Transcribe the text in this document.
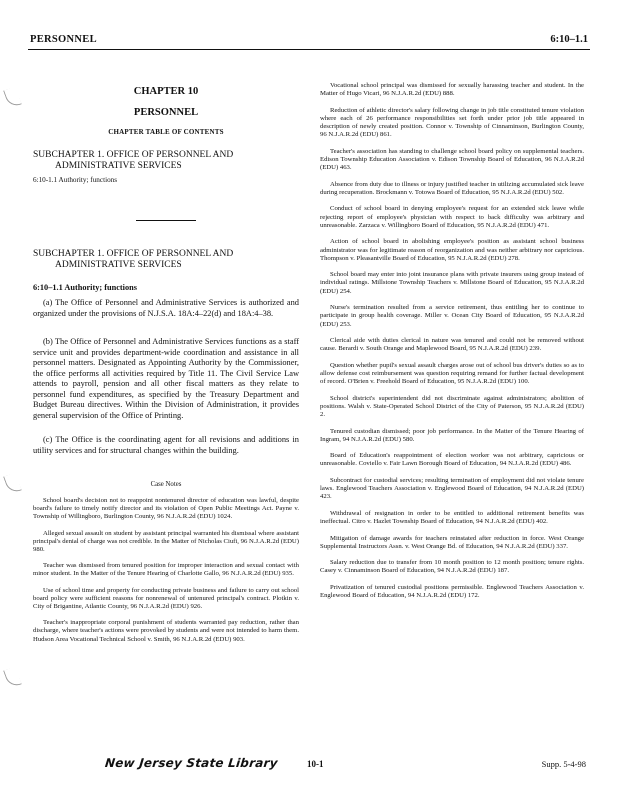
PERSONNEL	6:10–1.1
CHAPTER 10
PERSONNEL
CHAPTER TABLE OF CONTENTS
SUBCHAPTER 1. OFFICE OF PERSONNEL AND
ADMINISTRATIVE SERVICES
6:10-1.1 Authority; functions
SUBCHAPTER 1. OFFICE OF PERSONNEL AND
ADMINISTRATIVE SERVICES
6:10–1.1 Authority; functions

(a) The Office of Personnel and Administrative Services is authorized and organized under the provisions of N.J.S.A. 18A:4–22(d) and 18A:4–38.

(b) The Office of Personnel and Administrative Services functions as a staff service unit and provides department-wide coordination and assistance in all personnel matters. Designated as Appointing Authority by the Commissioner, the office performs all activities required by Title 11. The Civil Service Law attends to payroll, pension and all other fiscal matters as they relate to personnel fund expenditures, as specified by the Treasury Department and Budget Bureau directives. Within the Division of Administration, it provides general supervision of the Office of Printing.

(c) The Office is the coordinating agent for all revisions and additions in utility services and for structural changes within the building.

Case Notes

School board's decision not to reappoint nontenured director of education was lawful, despite board's failure to timely notify director and its violation of Open Public Meetings Act. Payne v. Township of Willingboro, Burlington County, 96 N.J.A.R.2d (EDU) 1024.

Alleged sexual assault on student by assistant principal warranted his dismissal where assistant principal's denial of charge was not credible. In the Matter of Nicholas Ciufi, 96 N.J.A.R.2d (EDU) 980.

Teacher was dismissed from tenured position for improper interaction and sexual contact with minor student. In the Matter of the Tenure Hearing of Charlotte Gallo, 96 N.J.A.R.2d (EDU) 935.

Use of school time and property for conducting private business and failure to carry out school board policy were sufficient reasons for nonrenewal of untenured principal's contract. Plotkin v. City of Brigantine, Atlantic County, 96 N.J.A.R.2d (EDU) 926.

Teacher's inappropriate corporal punishment of students warranted pay reduction, rather than discharge, where teacher's actions were provoked by students and were not intended to harm them. Hudson Area Vocational Technical School v. Smith, 96 N.J.A.R.2d (EDU) 903.

Vocational school principal was dismissed for sexually harassing teacher and student. In the Matter of Hugo Vicari, 96 N.J.A.R.2d (EDU) 888.

Reduction of athletic director's salary following change in job title constituted tenure violation where each of 26 performance responsibilities set forth under prior job title appeared in description of newly created position. Connor v. Township of Cinnaminson, Burlington County, 96 N.J.A.R.2d (EDU) 861.

Teacher's association has standing to challenge school board policy on supplemental teachers. Edison Township Education Association v. Edison Township Board of Education, 96 N.J.A.R.2d (EDU) 463.

Absence from duty due to illness or injury justified teacher in utilizing accumulated sick leave during recuperation. Brockmann v. Totowa Board of Education, 95 N.J.A.R.2d (EDU) 502.

Conduct of school board in denying employee's request for an extended sick leave while rejecting report of employee's physician with respect to back difficulty was arbitrary and unreasonable. Zarzaca v. Willingboro Board of Education, 95 N.J.A.R.2d (EDU) 471.

Action of school board in abolishing employee's position as assistant school business administrator was for legitimate reason of reorganization and was neither arbitrary nor capricious. Thompson v. Pleasantville Board of Education, 95 N.J.A.R.2d (EDU) 278.

School board may enter into joint insurance plans with private insurers using group instead of individual ratings. Millstone Township Teachers v. Millstone Board of Education, 95 N.J.A.R.2d (EDU) 254.

Nurse's termination resulted from a service retirement, thus entitling her to continue to participate in group health coverage. Miller v. Ocean City Board of Education, 95 N.J.A.R.2d (EDU) 253.

Clerical aide with duties clerical in nature was tenured and could not be removed without cause. Berardi v. South Orange and Maplewood Board, 95 N.J.A.R.2d (EDU) 239.

Question whether pupil's sexual assault charges arose out of school bus driver's duties so as to allow defense cost reimbursement was question requiring remand for further factual development of record. O'Brien v. Freehold Board of Education, 95 N.J.A.R.2d (EDU) 100.

School district's superintendent did not discriminate against administrators; abolition of positions. Walsh v. State-Operated School District of the City of Paterson, 95 N.J.A.R.2d (EDU) 2.

Tenured custodian dismissed; poor job performance. In the Matter of the Tenure Hearing of Ingram, 94 N.J.A.R.2d (EDU) 580.

Board of Education's reappointment of election worker was not arbitrary, capricious or unreasonable. Coviello v. Fair Lawn Borough Board of Education, 94 N.J.A.R.2d (EDU) 486.

Subcontract for custodial services; resulting termination of employment did not violate tenure laws. Englewood Teachers Association v. Englewood Board of Education, 94 N.J.A.R.2d (EDU) 423.

Withdrawal of resignation in order to be entitled to additional retirement benefits was ineffectual. Citro v. Hazlet Township Board of Education, 94 N.J.A.R.2d (EDU) 402.

Mitigation of damage awards for teachers reinstated after reduction in force. West Orange Supplemental Instructors Assn. v. West Orange Bd. of Education, 94 N.J.A.R.2d (EDU) 337.

Salary reduction due to transfer from 10 month position to 12 month position; tenure rights. Casey v. Cinnaminson Board of Education, 94 N.J.A.R.2d (EDU) 187.

Privatization of tenured custodial positions permissible. Englewood Teachers Association v. Englewood Board of Education, 94 N.J.A.R.2d (EDU) 172.

New Jersey State Library	10-1	Supp. 5-4-98
